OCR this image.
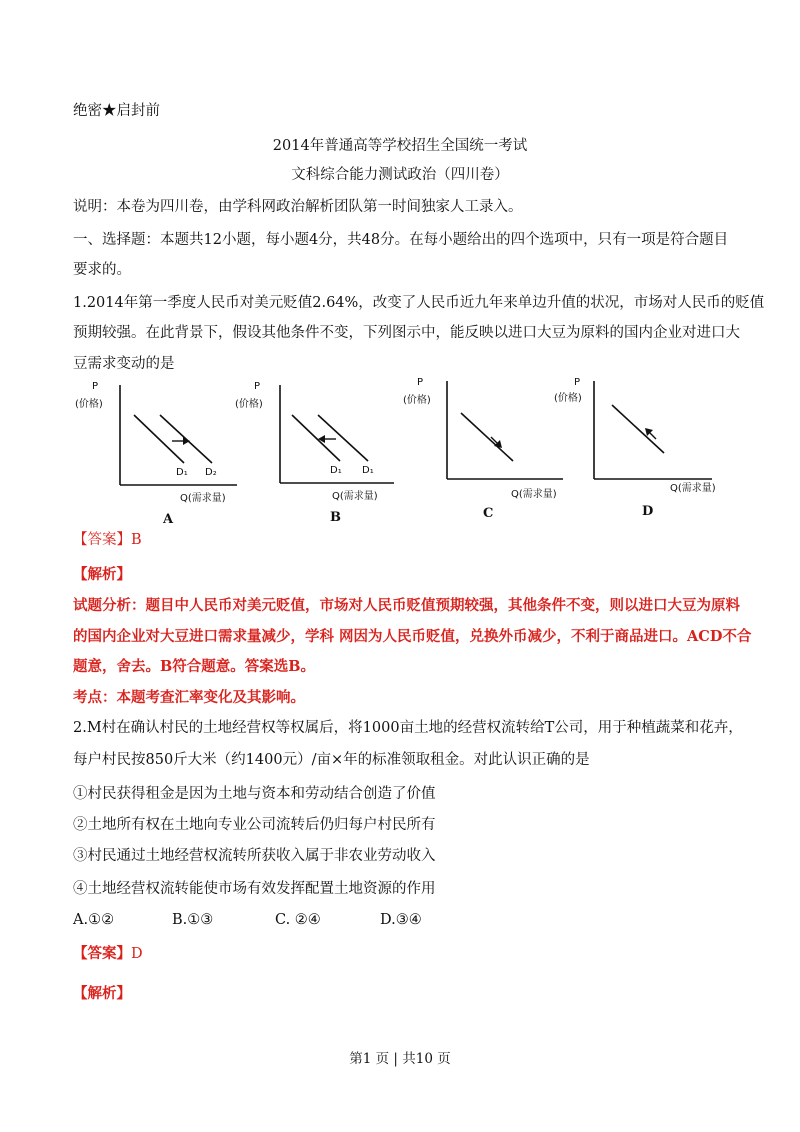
绝密★启封前
2014年普通高等学校招生全国统一考试
文科综合能力测试政治（四川卷）
说明：本卷为四川卷，由学科网政治解析团队第一时间独家人工录入。
一、选择题：本题共12小题，每小题4分，共48分。在每小题给出的四个选项中，只有一项是符合题目
要求的。
1.2014年第一季度人民币对美元贬值2.64%，改变了人民币近九年来单边升值的状况，市场对人民币的贬值
预期较强。在此背景下，假设其他条件不变，下列图示中，能反映以进口大豆为原料的国内企业对进口大
豆需求变动的是
P
(价格)
D₁ D₂
Q(需求量)
A
P
(价格)
D₁ D₁
Q(需求量)
B
P
(价格)
Q(需求量)
C
P
(价格)
Q(需求量)
D
【答案】B
【解析】
试题分析：题目中人民币对美元贬值，市场对人民币贬值预期较强，其他条件不变，则以进口大豆为原料
的国内企业对大豆进口需求量减少，学科 网因为人民币贬值，兑换外币减少，不利于商品进口。ACD不合
题意，舍去。B符合题意。答案选B。
考点：本题考查汇率变化及其影响。
2.M村在确认村民的土地经营权等权属后，将1000亩土地的经营权流转给T公司，用于种植蔬菜和花卉，
每户村民按850斤大米（约1400元）/亩×年的标准领取租金。对此认识正确的是
①村民获得租金是因为土地与资本和劳动结合创造了价值
②土地所有权在土地向专业公司流转后仍归每户村民所有
③村民通过土地经营权流转所获收入属于非农业劳动收入
④土地经营权流转能使市场有效发挥配置土地资源的作用
A.①②	B.①③	C. ②④	D.③④
【答案】D
【解析】
第1 页 | 共10 页
